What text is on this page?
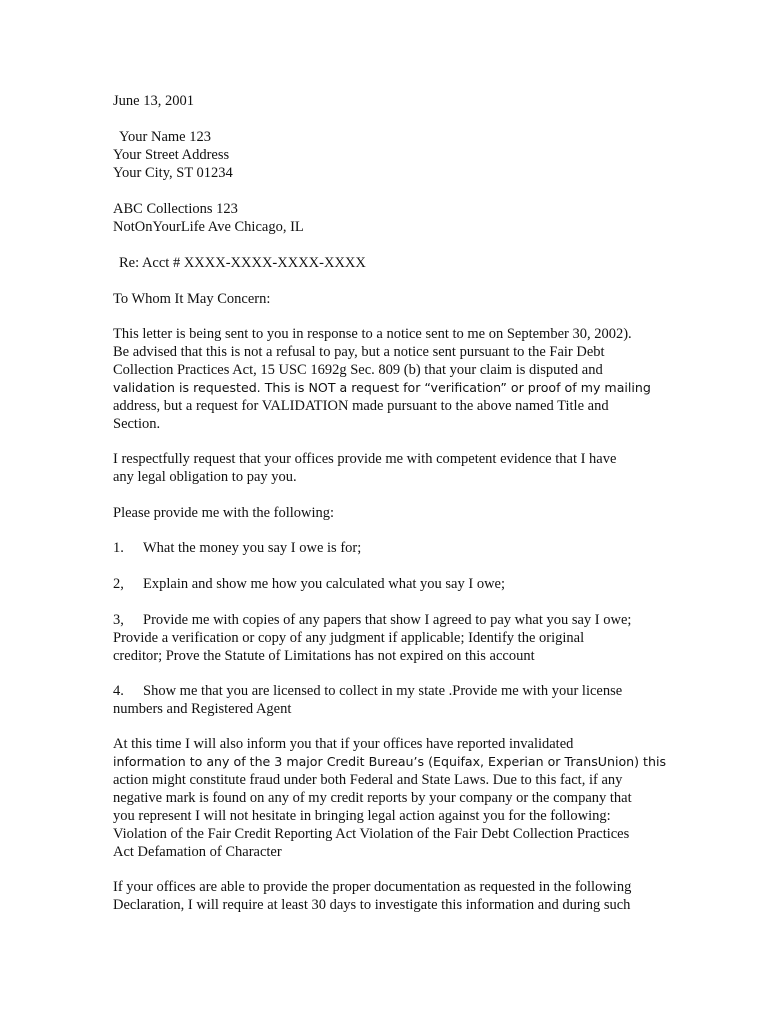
June 13, 2001
Your Name 123
Your Street Address
Your City, ST 01234
ABC Collections 123
NotOnYourLife Ave Chicago, IL
Re: Acct # XXXX-XXXX-XXXX-XXXX
To Whom It May Concern:
This letter is being sent to you in response to a notice sent to me on September 30, 2002).
Be advised that this is not a refusal to pay, but a notice sent pursuant to the Fair Debt
Collection Practices Act, 15 USC 1692g Sec. 809 (b) that your claim is disputed and
validation is requested. This is NOT a request for “verification” or proof of my mailing
address, but a request for VALIDATION made pursuant to the above named Title and
Section.
I respectfully request that your offices provide me with competent evidence that I have
any legal obligation to pay you.
Please provide me with the following:
1. What the money you say I owe is for;
2, Explain and show me how you calculated what you say I owe;
3, Provide me with copies of any papers that show I agreed to pay what you say I owe;
Provide a verification or copy of any judgment if applicable; Identify the original
creditor; Prove the Statute of Limitations has not expired on this account
4. Show me that you are licensed to collect in my state .Provide me with your license
numbers and Registered Agent
At this time I will also inform you that if your offices have reported invalidated
information to any of the 3 major Credit Bureau’s (Equifax, Experian or TransUnion) this
action might constitute fraud under both Federal and State Laws. Due to this fact, if any
negative mark is found on any of my credit reports by your company or the company that
you represent I will not hesitate in bringing legal action against you for the following:
Violation of the Fair Credit Reporting Act Violation of the Fair Debt Collection Practices
Act Defamation of Character
If your offices are able to provide the proper documentation as requested in the following
Declaration, I will require at least 30 days to investigate this information and during such
